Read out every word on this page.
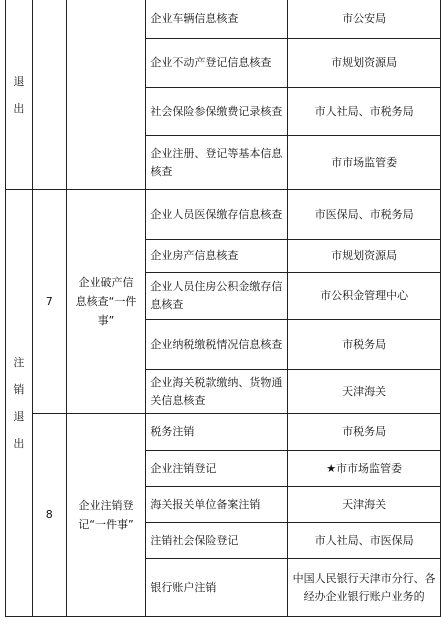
退出			企业车辆信息核查	市公安局
			企业不动产登记信息核查	市规划资源局
			社会保险参保缴费记录核查	市人社局、市税务局
			企业注册、登记等基本信息核查	市市场监管委
注销退出	7	企业破产信息核查“一件事”	企业人员医保缴存信息核查	市医保局、市税务局
			企业房产信息核查	市规划资源局
			企业人员住房公积金缴存信息核查	市公积金管理中心
			企业纳税缴税情况信息核查	市税务局
			企业海关税款缴纳、货物通关信息核查	天津海关
	8	企业注销登记“一件事”	税务注销	市税务局
			企业注销登记	★市市场监管委
			海关报关单位备案注销	天津海关
			注销社会保险登记	市人社局、市医保局
			银行账户注销	中国人民银行天津市分行、各经办企业银行账户业务的
